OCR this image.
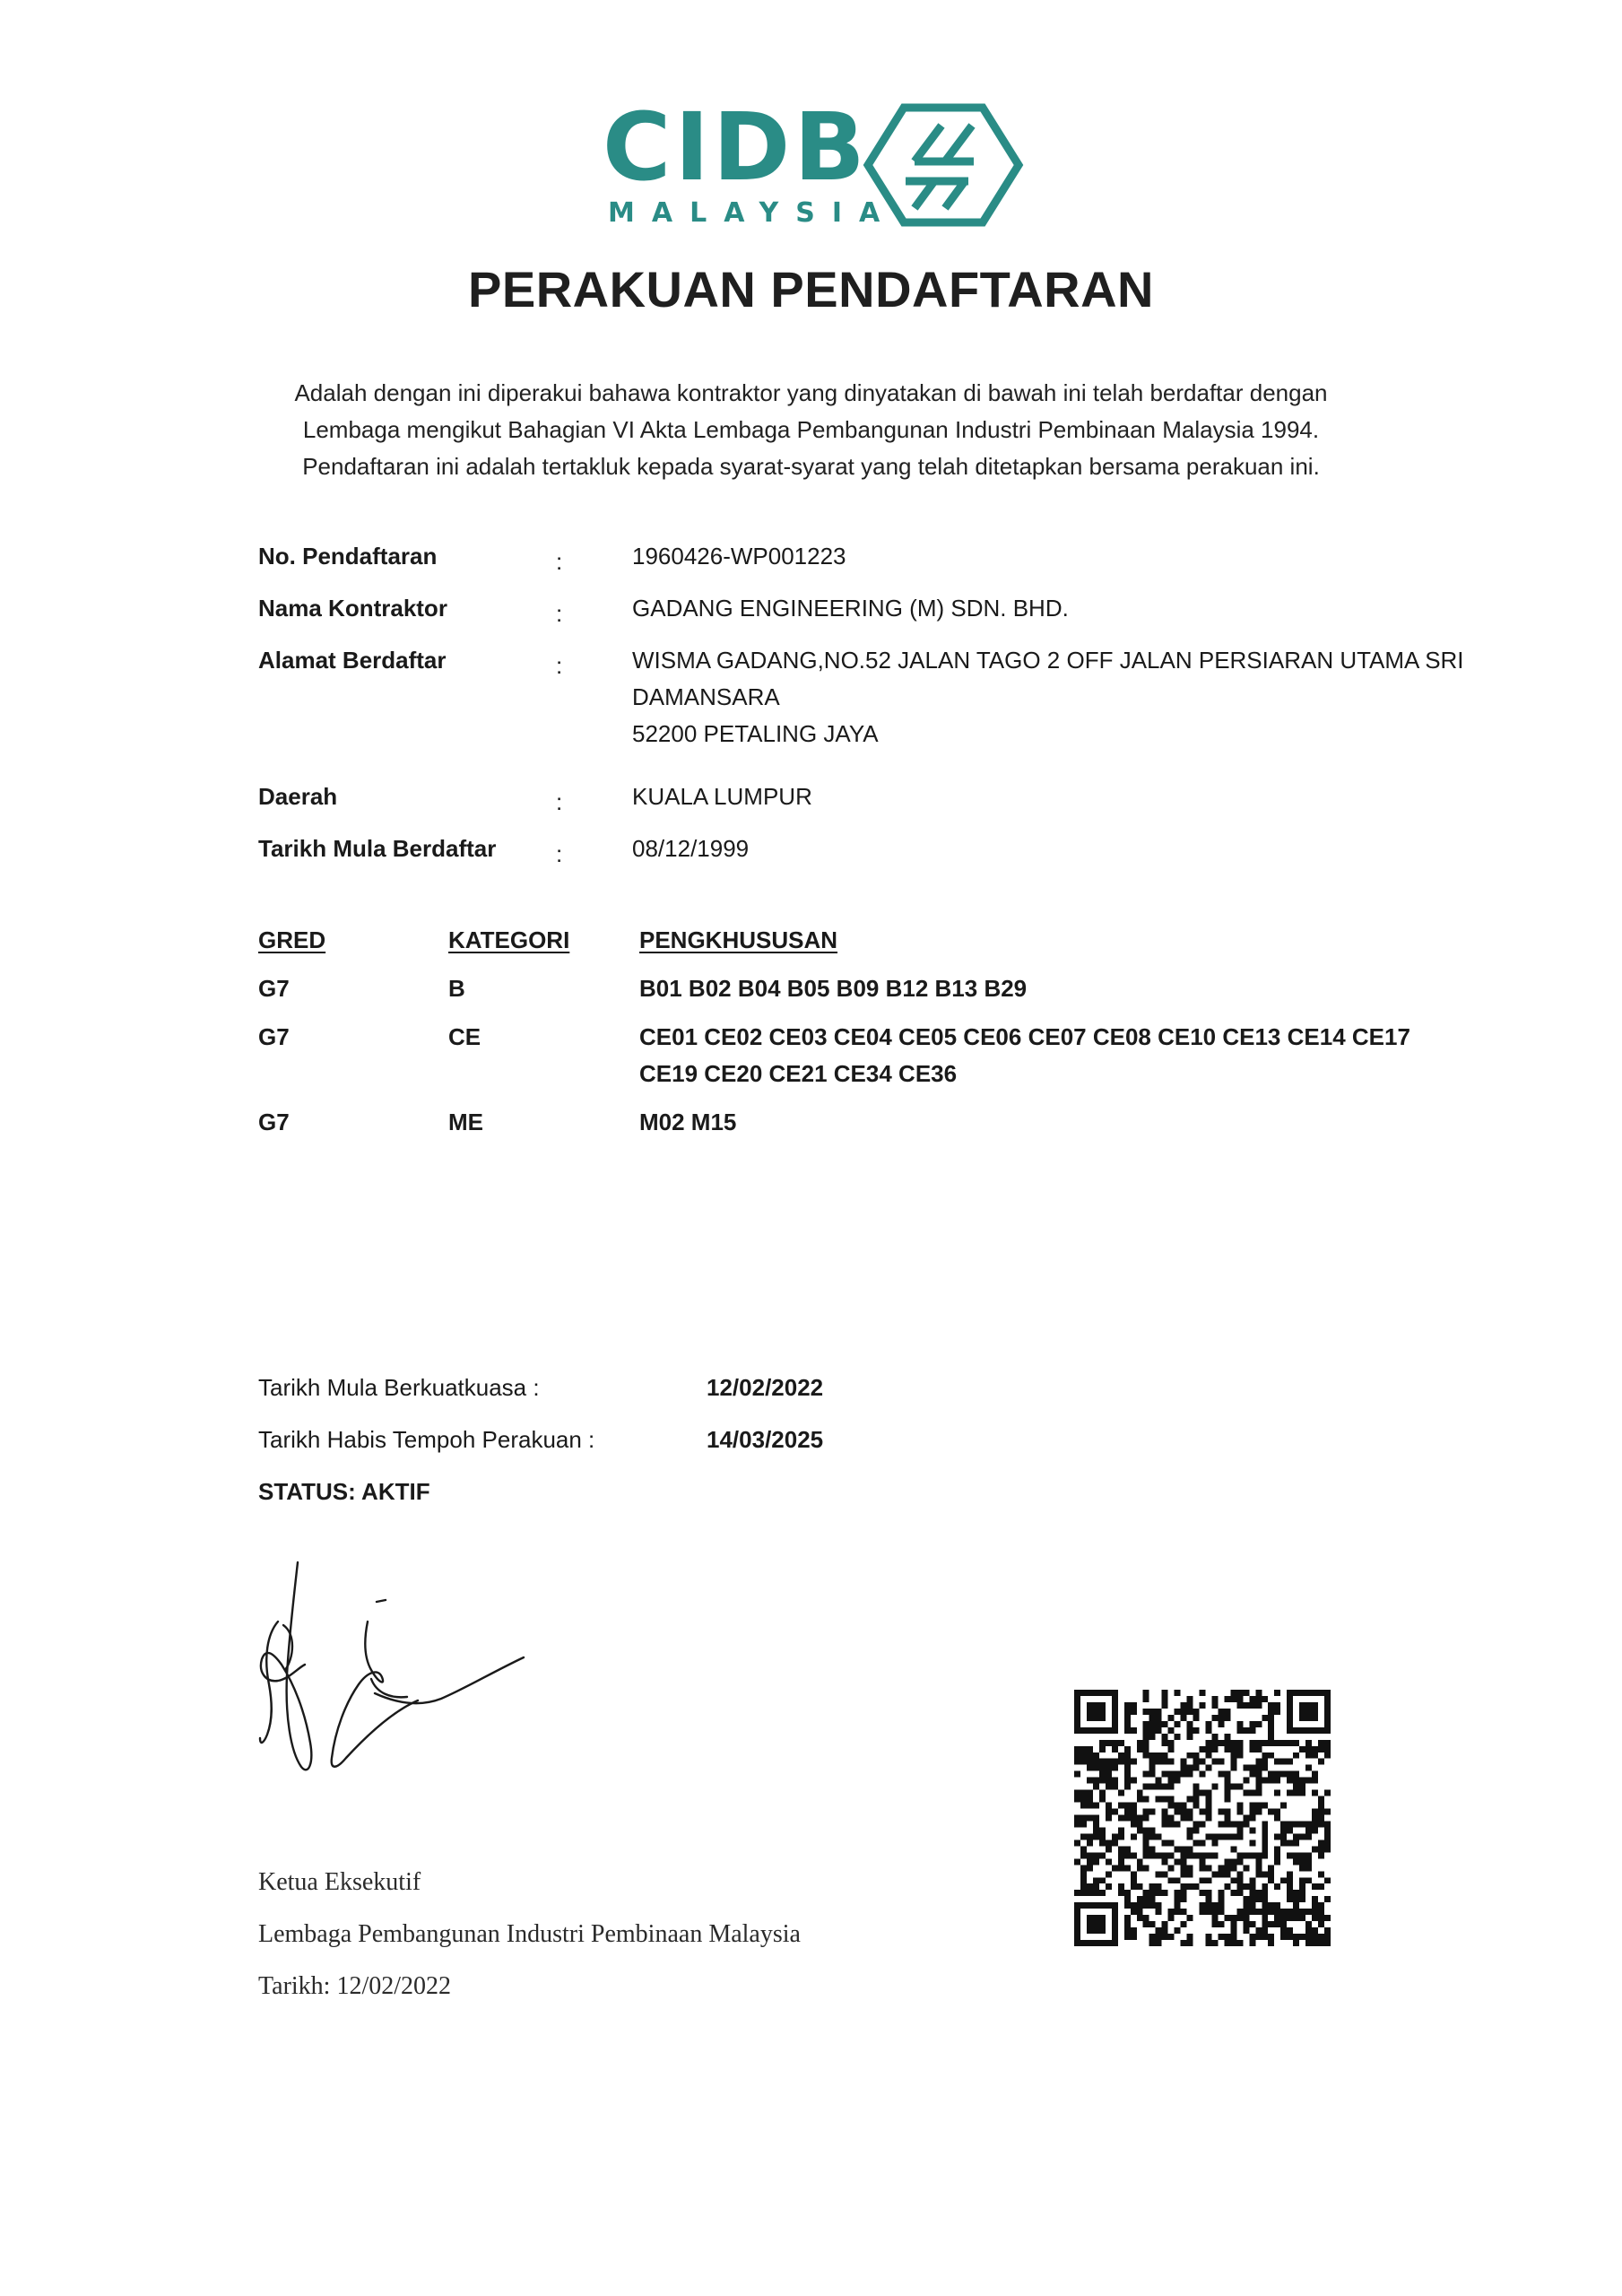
CIDB
MALAYSIA
PERAKUAN PENDAFTARAN
Adalah dengan ini diperakui bahawa kontraktor yang dinyatakan di bawah ini telah berdaftar dengan
Lembaga mengikut Bahagian VI Akta Lembaga Pembangunan Industri Pembinaan Malaysia 1994.
Pendaftaran ini adalah tertakluk kepada syarat-syarat yang telah ditetapkan bersama perakuan ini.
No. Pendaftaran	:	1960426-WP001223
Nama Kontraktor	:	GADANG ENGINEERING (M) SDN. BHD.
Alamat Berdaftar	:	WISMA GADANG,NO.52 JALAN TAGO 2 OFF JALAN PERSIARAN UTAMA SRI
DAMANSARA
52200 PETALING JAYA
Daerah	:	KUALA LUMPUR
Tarikh Mula Berdaftar	:	08/12/1999
GRED	KATEGORI	PENGKHUSUSAN
G7	B	B01 B02 B04 B05 B09 B12 B13 B29
G7	CE	CE01 CE02 CE03 CE04 CE05 CE06 CE07 CE08 CE10 CE13 CE14 CE17
CE19 CE20 CE21 CE34 CE36
G7	ME	M02 M15
Tarikh Mula Berkuatkuasa :	12/02/2022
Tarikh Habis Tempoh Perakuan :	14/03/2025
STATUS: AKTIF
Ketua Eksekutif
Lembaga Pembangunan Industri Pembinaan Malaysia
Tarikh: 12/02/2022
